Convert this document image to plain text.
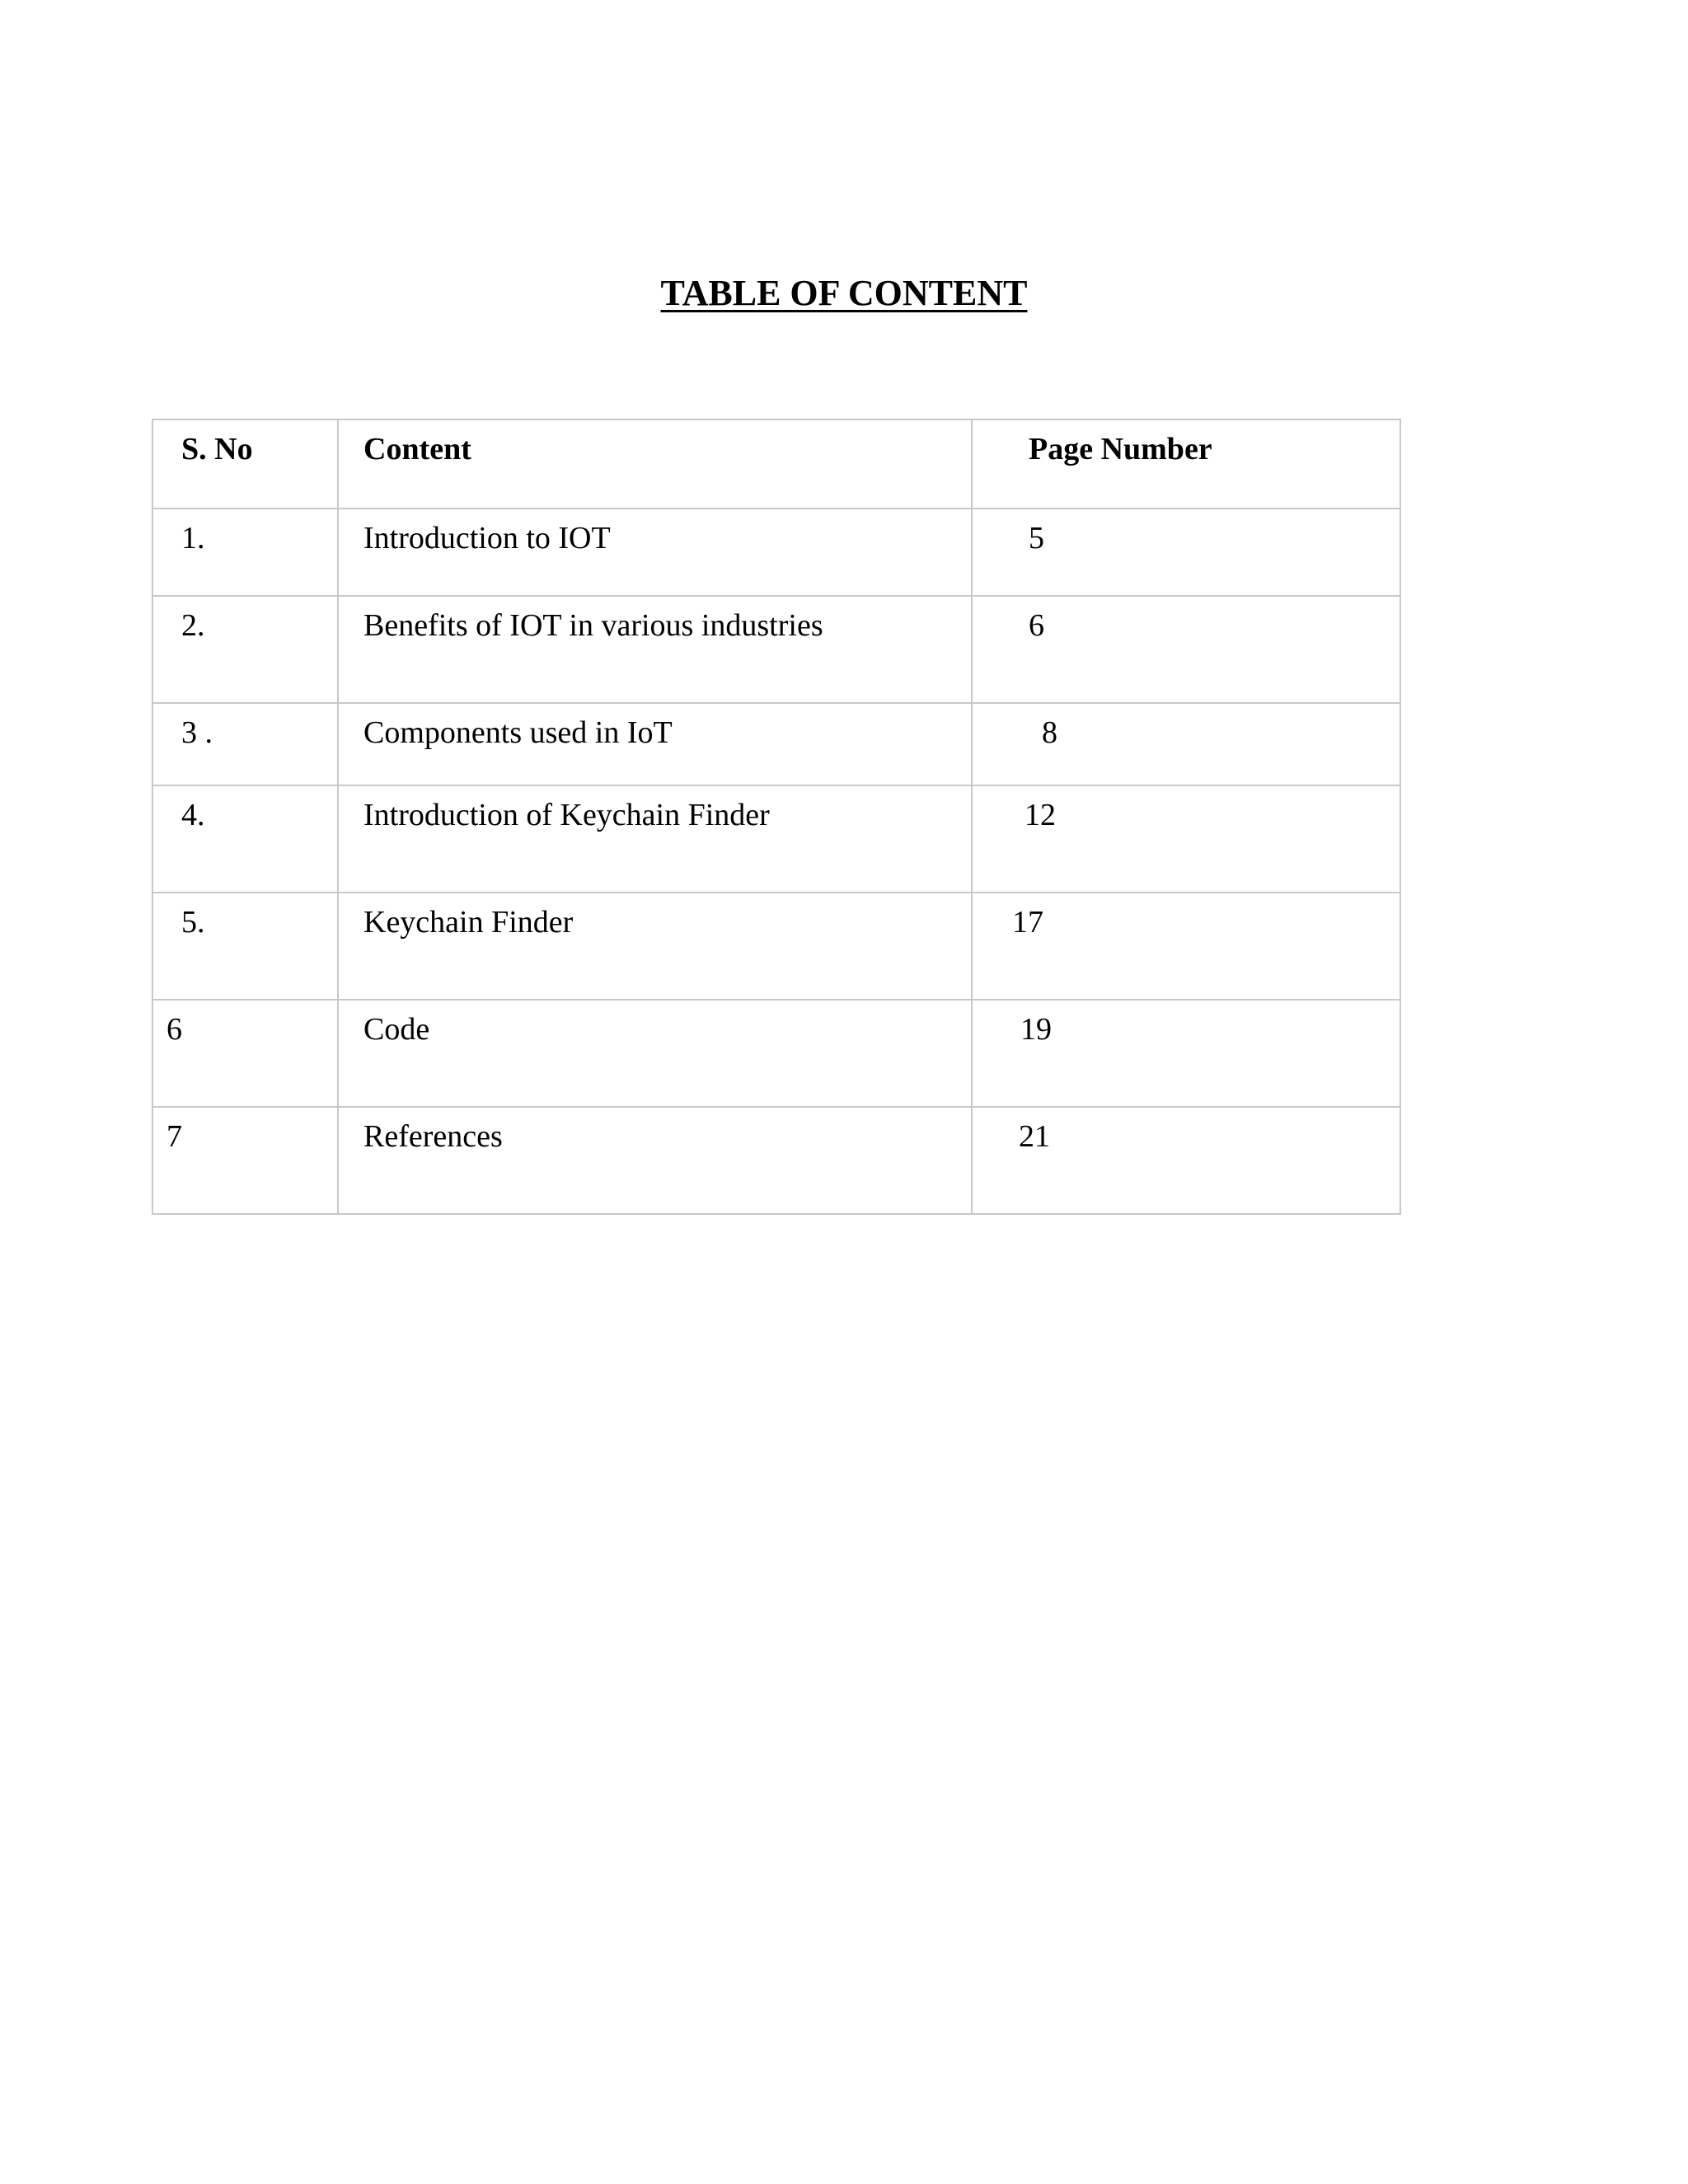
TABLE OF CONTENT
S. No	Content	Page Number
1.	Introduction to IOT	5
2.	Benefits of IOT in various industries	6
3 .	Components used in IoT	8
4.	Introduction of Keychain Finder	12
5.	Keychain Finder	17
6	Code	19
7	References	21
